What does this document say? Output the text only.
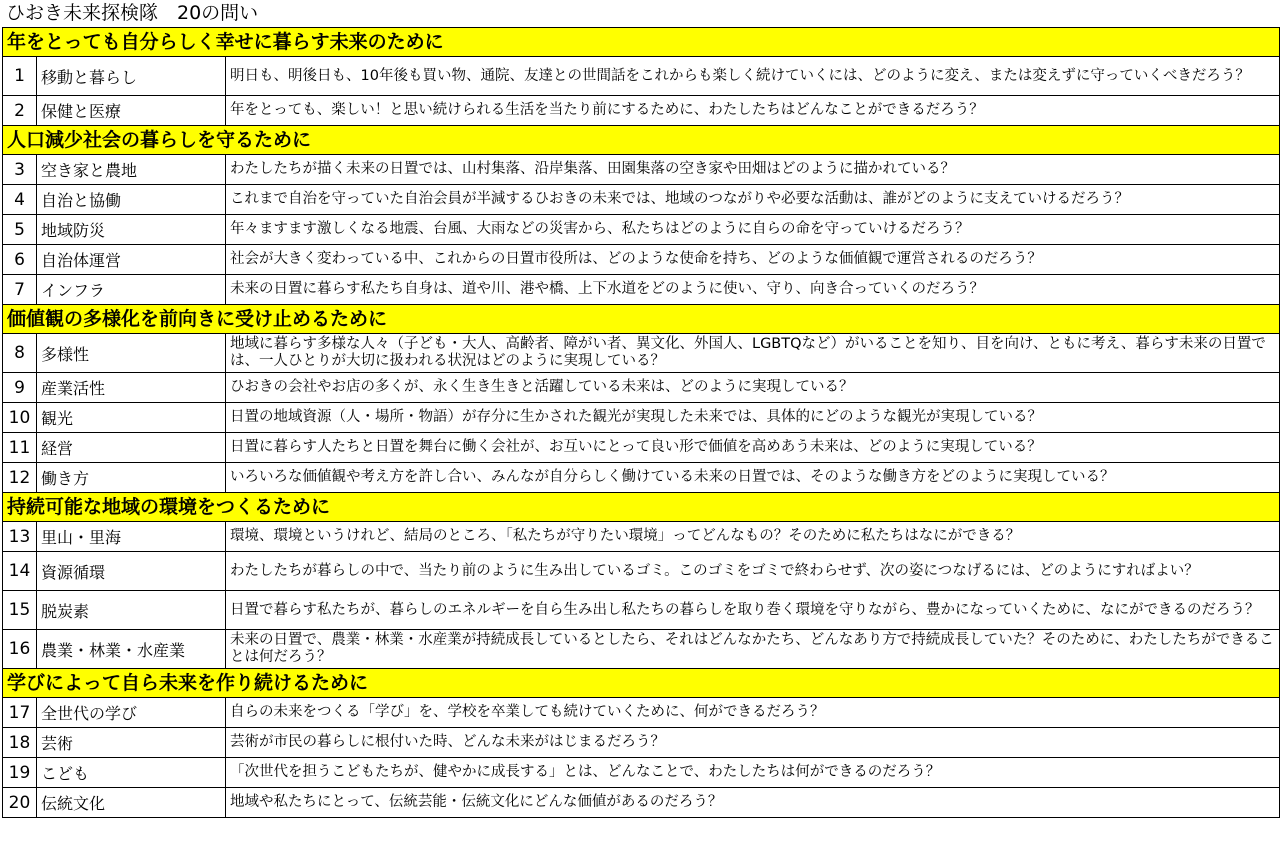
ひおき未来探検隊　20の問い
年をとっても自分らしく幸せに暮らす未来のために		
1	移動と暮らし	明日も、明後日も、10年後も買い物、通院、友達との世間話をこれからも楽しく続けていくには、どのように変え、または変えずに守っていくべきだろう？
2	保健と医療	年をとっても、楽しい！と思い続けられる生活を当たり前にするために、わたしたちはどんなことができるだろう？
人口減少社会の暮らしを守るために		
3	空き家と農地	わたしたちが描く未来の日置では、山村集落、沿岸集落、田園集落の空き家や田畑はどのように描かれている？
4	自治と協働	これまで自治を守っていた自治会員が半減するひおきの未来では、地域のつながりや必要な活動は、誰がどのように支えていけるだろう？
5	地域防災	年々ますます激しくなる地震、台風、大雨などの災害から、私たちはどのように自らの命を守っていけるだろう？
6	自治体運営	社会が大きく変わっている中、これからの日置市役所は、どのような使命を持ち、どのような価値観で運営されるのだろう？
7	インフラ	未来の日置に暮らす私たち自身は、道や川、港や橋、上下水道をどのように使い、守り、向き合っていくのだろう？
価値観の多様化を前向きに受け止めるために		
8	多様性	地域に暮らす多様な人々（子ども・大人、高齢者、障がい者、異文化、外国人、LGBTQなど）がいることを知り、目を向け、ともに考え、暮らす未来の日置では、一人ひとりが大切に扱われる状況はどのように実現している？
9	産業活性	ひおきの会社やお店の多くが、永く生き生きと活躍している未来は、どのように実現している？
10	観光	日置の地域資源（人・場所・物語）が存分に生かされた観光が実現した未来では、具体的にどのような観光が実現している？
11	経営	日置に暮らす人たちと日置を舞台に働く会社が、お互いにとって良い形で価値を高めあう未来は、どのように実現している？
12	働き方	いろいろな価値観や考え方を許し合い、みんなが自分らしく働けている未来の日置では、そのような働き方をどのように実現している？
持続可能な地域の環境をつくるために		
13	里山・里海	環境、環境というけれど、結局のところ、「私たちが守りたい環境」ってどんなもの？そのために私たちはなにができる？
14	資源循環	わたしたちが暮らしの中で、当たり前のように生み出しているゴミ。このゴミをゴミで終わらせず、次の姿につなげるには、どのようにすればよい？
15	脱炭素	日置で暮らす私たちが、暮らしのエネルギーを自ら生み出し私たちの暮らしを取り巻く環境を守りながら、豊かになっていくために、なにができるのだろう？
16	農業・林業・水産業	未来の日置で、農業・林業・水産業が持続成長しているとしたら、それはどんなかたち、どんなあり方で持続成長していた？そのために、わたしたちができることは何だろう？
学びによって自ら未来を作り続けるために		
17	全世代の学び	自らの未来をつくる「学び」を、学校を卒業しても続けていくために、何ができるだろう？
18	芸術	芸術が市民の暮らしに根付いた時、どんな未来がはじまるだろう？
19	こども	「次世代を担うこどもたちが、健やかに成長する」とは、どんなことで、わたしたちは何ができるのだろう？
20	伝統文化	地域や私たちにとって、伝統芸能・伝統文化にどんな価値があるのだろう？
